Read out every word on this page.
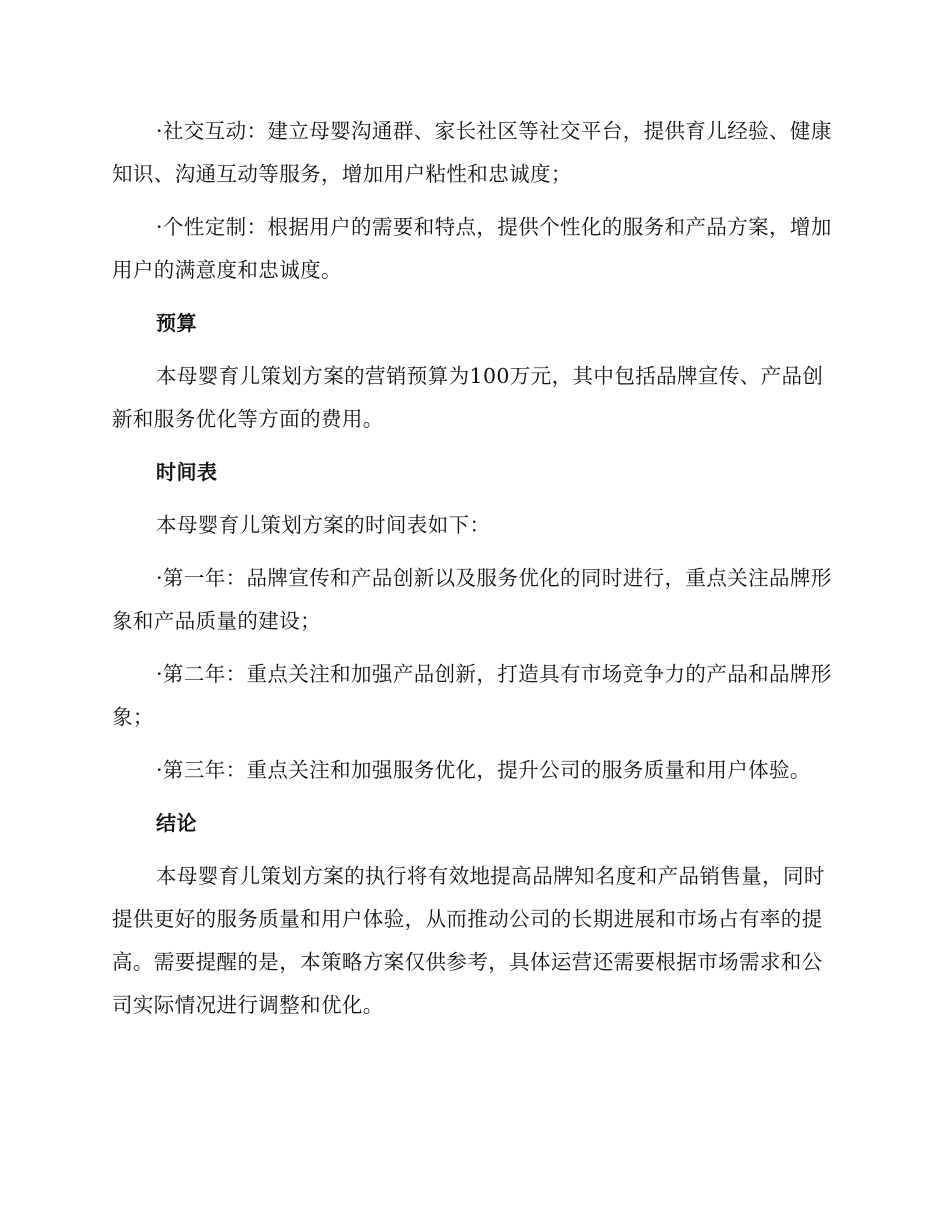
·社交互动：建立母婴沟通群、家长社区等社交平台，提供育儿经验、健康知识、沟通互动等服务，增加用户粘性和忠诚度；

·个性定制：根据用户的需要和特点，提供个性化的服务和产品方案，增加用户的满意度和忠诚度。

预算

本母婴育儿策划方案的营销预算为100万元，其中包括品牌宣传、产品创新和服务优化等方面的费用。

时间表

本母婴育儿策划方案的时间表如下：

·第一年：品牌宣传和产品创新以及服务优化的同时进行，重点关注品牌形象和产品质量的建设；

·第二年：重点关注和加强产品创新，打造具有市场竞争力的产品和品牌形象；

·第三年：重点关注和加强服务优化，提升公司的服务质量和用户体验。

结论

本母婴育儿策划方案的执行将有效地提高品牌知名度和产品销售量，同时提供更好的服务质量和用户体验，从而推动公司的长期进展和市场占有率的提高。需要提醒的是，本策略方案仅供参考，具体运营还需要根据市场需求和公司实际情况进行调整和优化。
